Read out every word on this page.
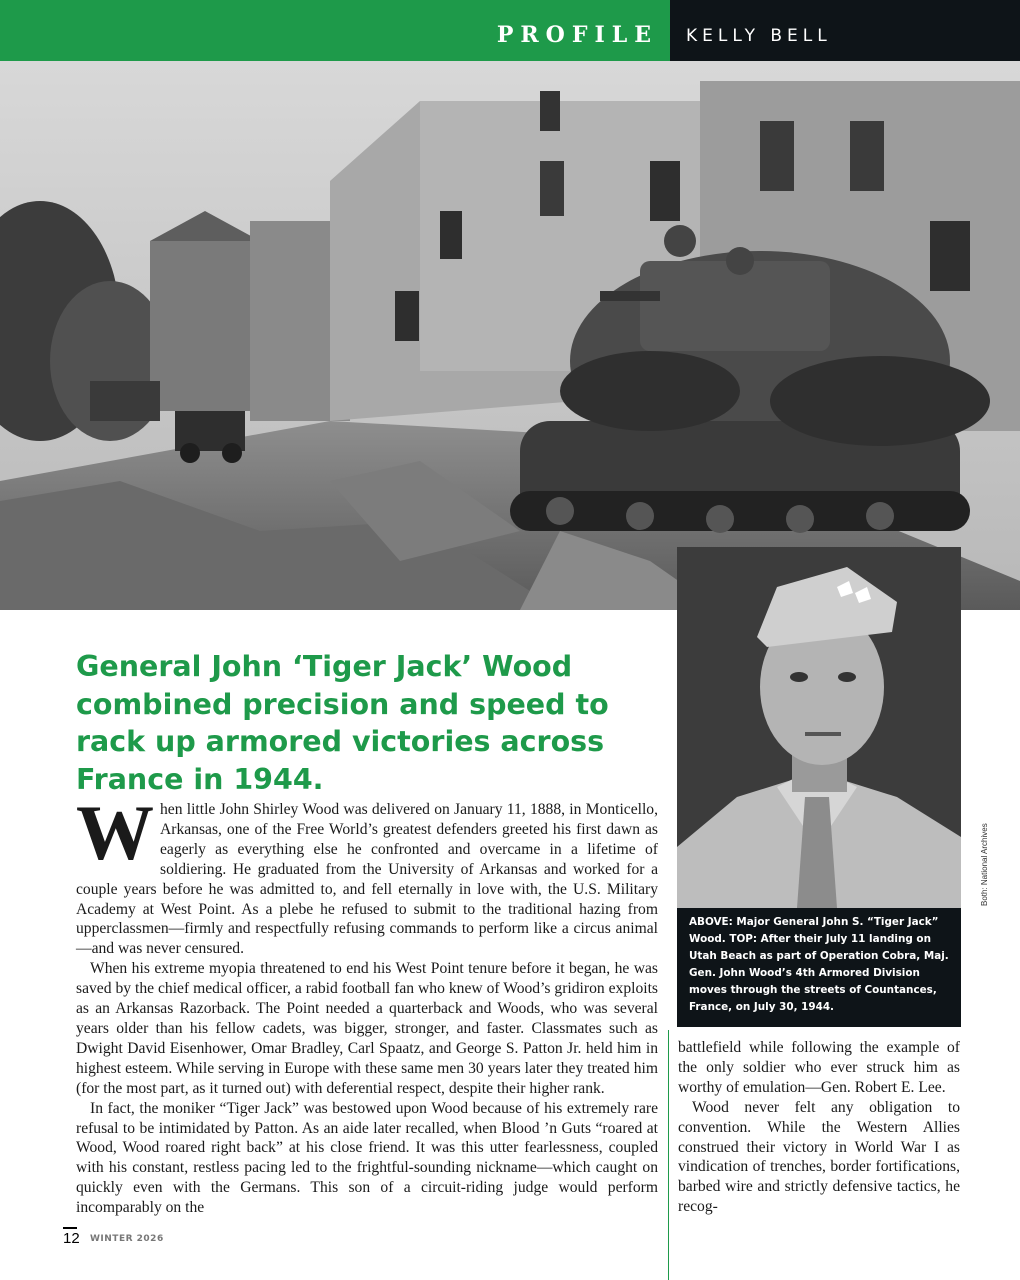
PROFILE KELLY BELL
Both: National Archives
ABOVE: Major General John S. “Tiger Jack” Wood. TOP: After their July 11 landing on Utah Beach as part of Operation Cobra, Maj. Gen. John Wood’s 4th Armored Division moves through the streets of Countances, France, on July 30, 1944.
General John ‘Tiger Jack’ Wood combined precision and speed to rack up armored victories across France in 1944.

When little John Shirley Wood was delivered on January 11, 1888, in Monticello, Arkansas, one of the Free World’s greatest defenders greeted his first dawn as eagerly as everything else he confronted and overcame in a lifetime of soldiering. He graduated from the University of Arkansas and worked for a couple years before he was admitted to, and fell eternally in love with, the U.S. Military Academy at West Point. As a plebe he refused to submit to the traditional hazing from upperclassmen—firmly and respectfully refusing commands to perform like a circus animal—and was never censured.

When his extreme myopia threatened to end his West Point tenure before it began, he was saved by the chief medical officer, a rabid football fan who knew of Wood’s gridiron exploits as an Arkansas Razorback. The Point needed a quarterback and Woods, who was several years older than his fellow cadets, was bigger, stronger, and faster. Classmates such as Dwight David Eisenhower, Omar Bradley, Carl Spaatz, and George S. Patton Jr. held him in highest esteem. While serving in Europe with these same men 30 years later they treated him (for the most part, as it turned out) with deferential respect, despite their higher rank.

In fact, the moniker “Tiger Jack” was bestowed upon Wood because of his extremely rare refusal to be intimidated by Patton. As an aide later recalled, when Blood ’n Guts “roared at Wood, Wood roared right back” at his close friend. It was this utter fearlessness, coupled with his constant, restless pacing led to the frightful-sounding nickname—which caught on quickly even with the Germans. This son of a circuit-riding judge would perform incomparably on the

battlefield while following the example of the only soldier who ever struck him as worthy of emulation—Gen. Robert E. Lee.

Wood never felt any obligation to convention. While the Western Allies construed their victory in World War I as vindication of trenches, border fortifications, barbed wire and strictly defensive tactics, he recog-

12 WINTER 2026
